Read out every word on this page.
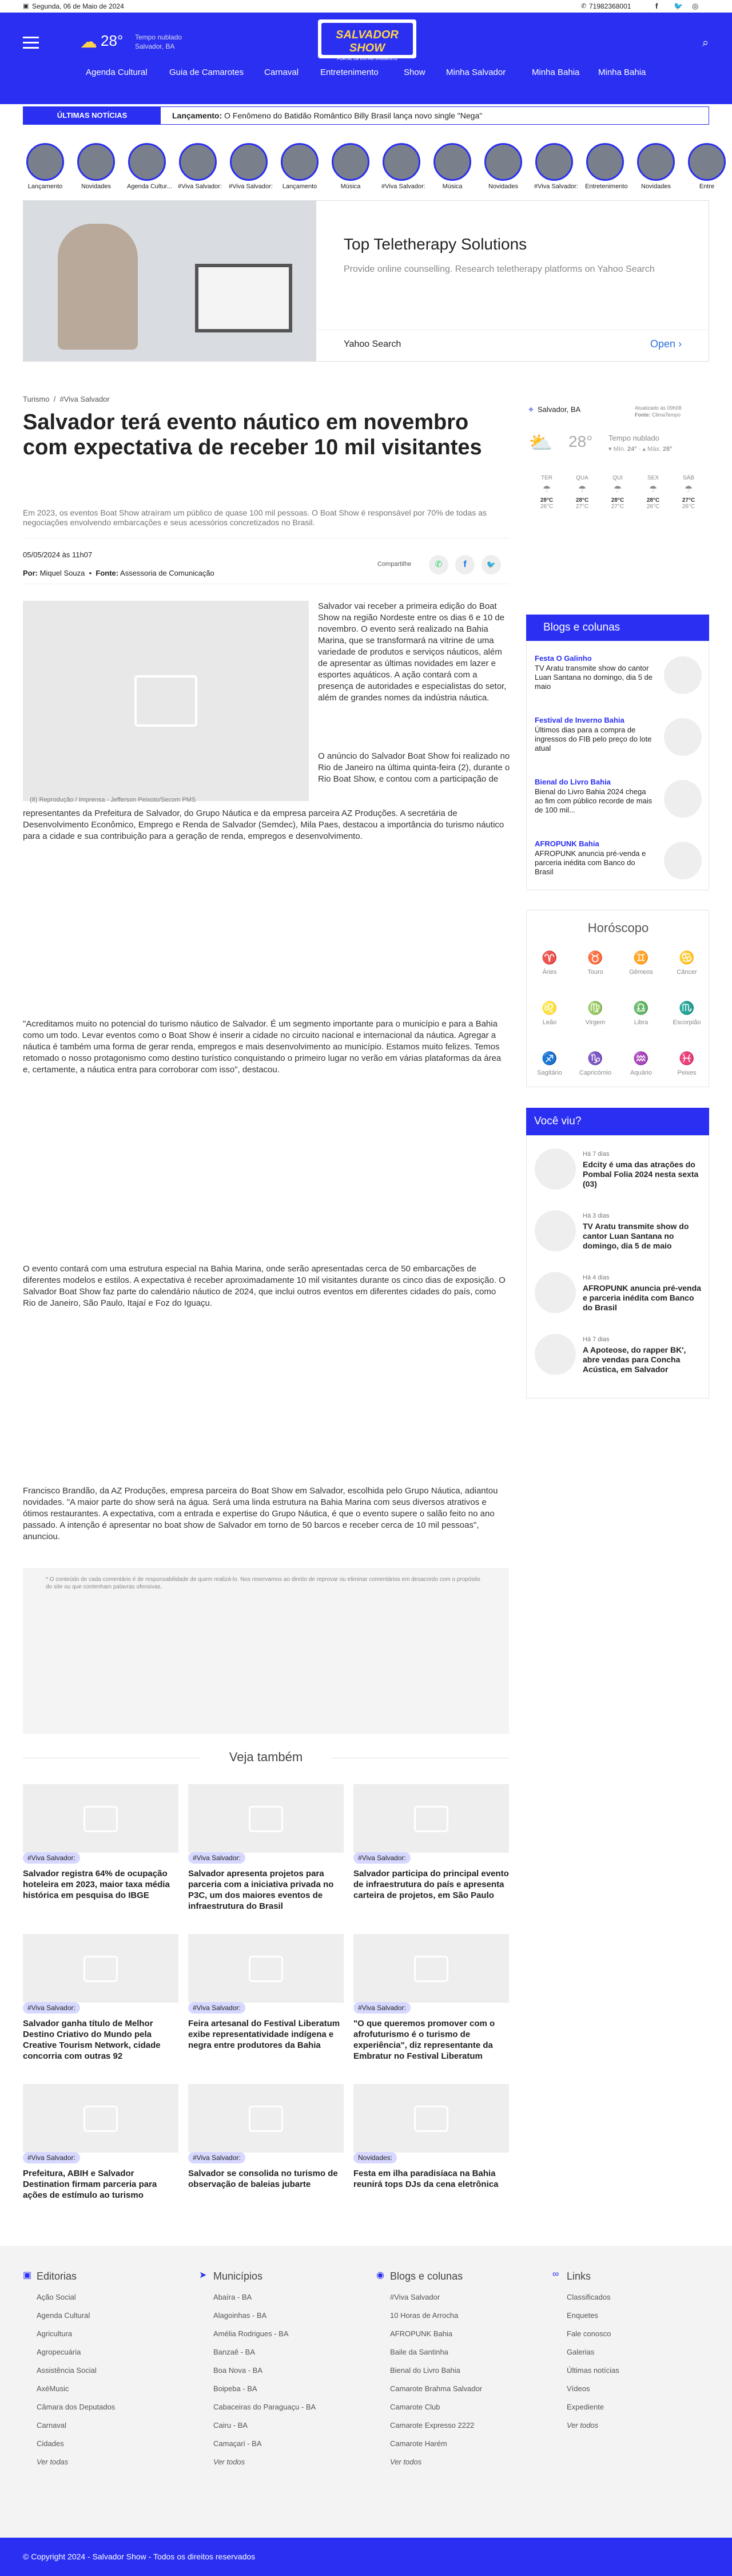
▣ Segunda, 06 de Maio de 2024	✆ 71982368001	f 🐦 ◎
☁ 28° Tempo nublado
Salvador, BA
SALVADOR SHOW
PORTAL DE ENTRETENIMENTO
⌕
Agenda Cultural	Guia de Camarotes Carnaval	Entretenimento	Show Minha Salvador	Minha Bahia Minha Bahia
ÚLTIMAS NOTÍCIAS	Lançamento: O Fenômeno do Batidão Romântico Billy Brasil lança novo single "Nega"
Lançamento	Novidades	Agenda Cultur... #Viva Salvador: #Viva Salvador:	Lançamento	Música	#Viva Salvador:	Música	Novidades	#Viva Salvador: Entretenimento	Novidades	Entre
Top Teletherapy Solutions
Provide online counselling. Research teletherapy platforms on Yahoo Search
Yahoo Search	Open ›
Turismo  /  #Viva Salvador
Salvador terá evento náutico em novembro com expectativa de receber 10 mil visitantes

Em 2023, os eventos Boat Show atraíram um público de quase 100 mil pessoas. O Boat Show é responsável por 70% de todas as negociações envolvendo embarcações e seus acessórios concretizados no Brasil.

05/05/2024 às 11h07
Por: Miquel Souza  •  Fonte: Assessoria de Comunicação
Compartilhe	✆	f	🐦
(8) Reprodução / Imprensa - Jefferson Peixoto/Secom PMS

Salvador vai receber a primeira edição do Boat Show na região Nordeste entre os dias 6 e 10 de novembro. O evento será realizado na Bahia Marina, que se transformará na vitrine de uma variedade de produtos e serviços náuticos, além de apresentar as últimas novidades em lazer e esportes aquáticos. A ação contará com a presença de autoridades e especialistas do setor, além de grandes nomes da indústria náutica.

O anúncio do Salvador Boat Show foi realizado no Rio de Janeiro na última quinta-feira (2), durante o Rio Boat Show, e contou com a participação de

representantes da Prefeitura de Salvador, do Grupo Náutica e da empresa parceira AZ Produções. A secretária de Desenvolvimento Econômico, Emprego e Renda de Salvador (Semdec), Mila Paes, destacou a importância do turismo náutico para a cidade e sua contribuição para a geração de renda, empregos e desenvolvimento.

"Acreditamos muito no potencial do turismo náutico de Salvador. É um segmento importante para o município e para a Bahia como um todo. Levar eventos como o Boat Show é inserir a cidade no circuito nacional e internacional da náutica. Agregar a náutica é também uma forma de gerar renda, empregos e mais desenvolvimento ao município. Estamos muito felizes. Temos retomado o nosso protagonismo como destino turístico conquistando o primeiro lugar no verão em várias plataformas da área e, certamente, a náutica entra para corroborar com isso", destacou.

O evento contará com uma estrutura especial na Bahia Marina, onde serão apresentadas cerca de 50 embarcações de diferentes modelos e estilos. A expectativa é receber aproximadamente 10 mil visitantes durante os cinco dias de exposição. O Salvador Boat Show faz parte do calendário náutico de 2024, que inclui outros eventos em diferentes cidades do país, como Rio de Janeiro, São Paulo, Itajaí e Foz do Iguaçu.

Francisco Brandão, da AZ Produções, empresa parceira do Boat Show em Salvador, escolhida pelo Grupo Náutica, adiantou novidades. "A maior parte do show será na água. Será uma linda estrutura na Bahia Marina com seus diversos atrativos e ótimos restaurantes. A expectativa, com a entrada e expertise do Grupo Náutica, é que o evento supere o salão feito no ano passado. A intenção é apresentar no boat show de Salvador em torno de 50 barcos e receber cerca de 10 mil pessoas", anunciou.

* O conteúdo de cada comentário é de responsabilidade de quem realizá-lo. Nos reservamos ao direito de reprovar ou eliminar comentários em desacordo com o propósito do site ou que contenham palavras ofensivas.
Veja também
#Viva Salvador:
Salvador registra 64% de ocupação hoteleira em 2023, maior taxa média histórica em pesquisa do IBGE
#Viva Salvador:
Salvador apresenta projetos para parceria com a iniciativa privada no P3C, um dos maiores eventos de infraestrutura do Brasil
#Viva Salvador:
Salvador participa do principal evento de infraestrutura do país e apresenta carteira de projetos, em São Paulo
#Viva Salvador:
Salvador ganha título de Melhor Destino Criativo do Mundo pela Creative Tourism Network, cidade concorria com outras 92
#Viva Salvador:
Feira artesanal do Festival Liberatum exibe representatividade indígena e negra entre produtores da Bahia
#Viva Salvador:
"O que queremos promover com o afrofuturismo é o turismo de experiência", diz representante da Embratur no Festival Liberatum
#Viva Salvador:
Prefeitura, ABIH e Salvador Destination firmam parceria para ações de estímulo ao turismo
#Viva Salvador:
Salvador se consolida no turismo de observação de baleias jubarte
Novidades:
Festa em ilha paradisíaca na Bahia reunirá tops DJs da cena eletrônica
⌖ Salvador, BA	Atualizado às 09h08
Fonte: ClimaTempo
⛅ 28° Tempo nublado
▾ Mín. 24° · ▴ Máx. 28°
TER
☂
28°C
26°C
QUA
☂
28°C
27°C
QUI
☂
28°C
27°C
SEX
☂
28°C
26°C
SÁB
☂
27°C
26°C
Blogs e colunas
Festa O Galinho
TV Aratu transmite show do cantor Luan Santana no domingo, dia 5 de maio
Festival de Inverno Bahia
Últimos dias para a compra de ingressos do FIB pelo preço do lote atual
Bienal do Livro Bahia
Bienal do Livro Bahia 2024 chega ao fim com público recorde de mais de 100 mil...
AFROPUNK Bahia
AFROPUNK anuncia pré-venda e parceria inédita com Banco do Brasil
Horóscopo
♈
Áries
♉
Touro
♊
Gêmeos
♋
Câncer
♌
Leão
♍
Virgem
♎
Libra
♏
Escorpião
♐
Sagitário
♑
Capricórnio
♒
Aquário
♓
Peixes
Você viu?
Há 7 dias
Edcity é uma das atrações do Pombal Folia 2024 nesta sexta (03)
Há 3 dias
TV Aratu transmite show do cantor Luan Santana no domingo, dia 5 de maio
Há 4 dias
AFROPUNK anuncia pré-venda e parceria inédita com Banco do Brasil
Há 7 dias
A Apoteose, do rapper BK', abre vendas para Concha Acústica, em Salvador
▣	➤	◉	∞
Editorias
Ação Social
Agenda Cultural
Agricultura
Agropecuária
Assistência Social
AxéMusic
Câmara dos Deputados
Carnaval
Cidades
Ver todas
Municípios
Abaíra - BA
Alagoinhas - BA
Amélia Rodrigues - BA
Banzaê - BA
Boa Nova - BA
Boipeba - BA
Cabaceiras do Paraguaçu - BA
Cairu - BA
Camaçari - BA
Ver todos
Blogs e colunas
#Viva Salvador
10 Horas de Arrocha
AFROPUNK Bahia
Baile da Santinha
Bienal do Livro Bahia
Camarote Brahma Salvador
Camarote Club
Camarote Expresso 2222
Camarote Harém
Ver todos
Links
Classificados
Enquetes
Fale conosco
Galerias
Últimas notícias
Vídeos
Expediente
Ver todos
© Copyright 2024 - Salvador Show - Todos os direitos reservados
